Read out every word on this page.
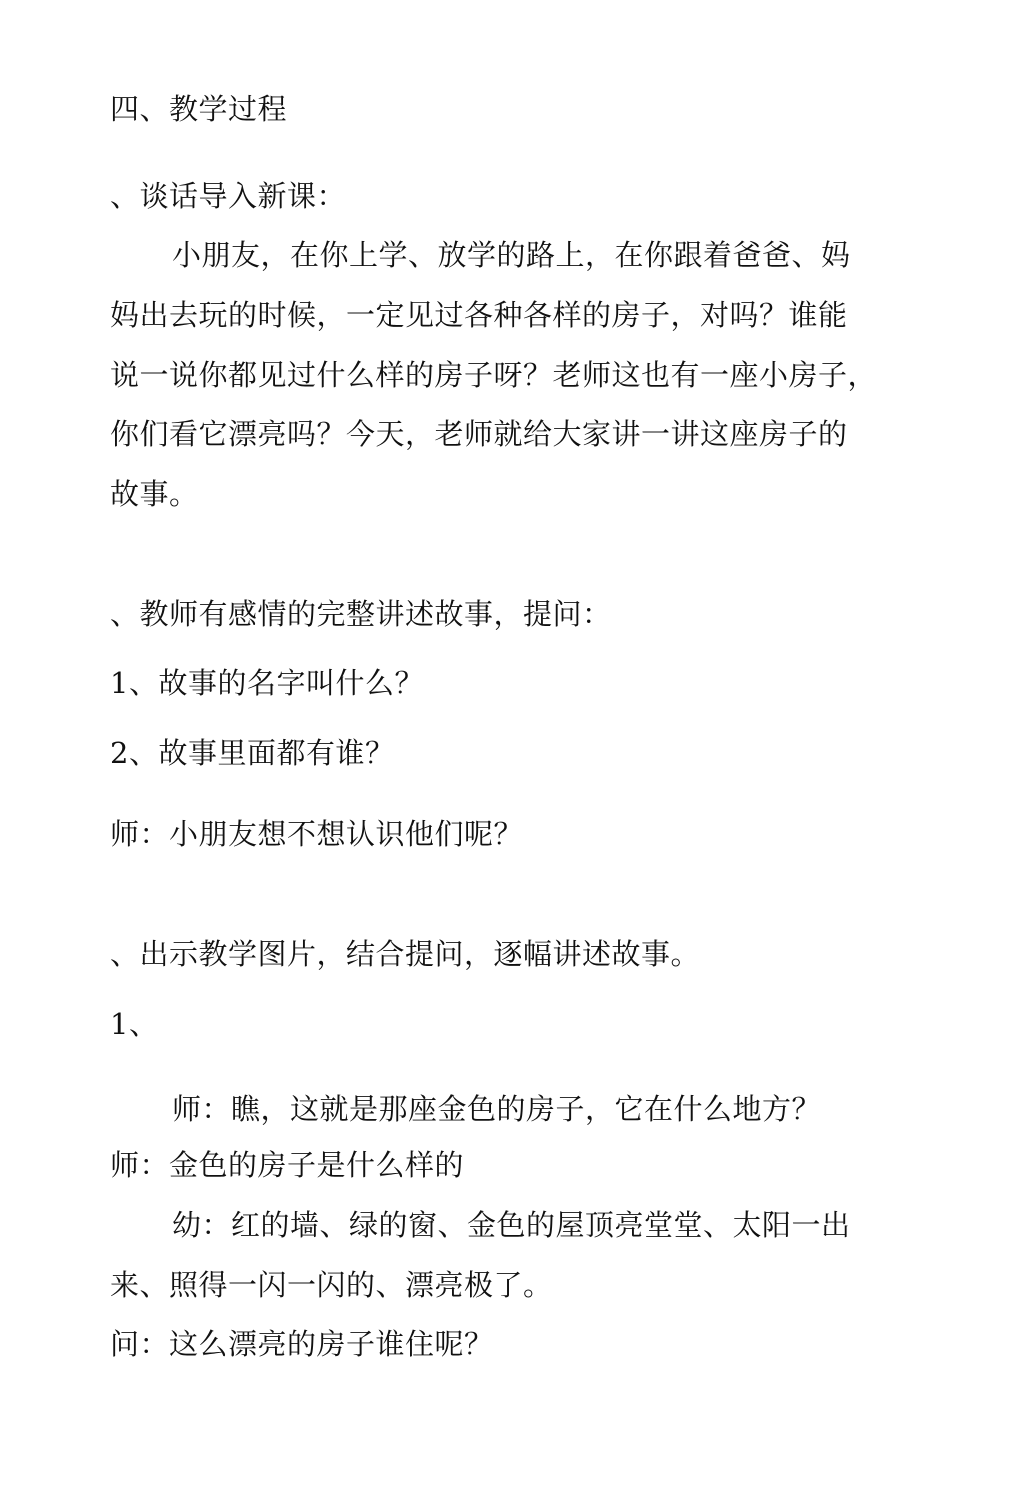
四、教学过程
、谈话导入新课：
小朋友，在你上学、放学的路上，在你跟着爸爸、妈
妈出去玩的时候，一定见过各种各样的房子，对吗？谁能
说一说你都见过什么样的房子呀？老师这也有一座小房子，
你们看它漂亮吗？今天，老师就给大家讲一讲这座房子的
故事。
、教师有感情的完整讲述故事，提问：
1、故事的名字叫什么？
2、故事里面都有谁？
师：小朋友想不想认识他们呢？
、出示教学图片，结合提问，逐幅讲述故事。
1、
师：瞧，这就是那座金色的房子，它在什么地方？
师：金色的房子是什么样的
幼：红的墙、绿的窗、金色的屋顶亮堂堂、太阳一出
来、照得一闪一闪的、漂亮极了。
问：这么漂亮的房子谁住呢？
